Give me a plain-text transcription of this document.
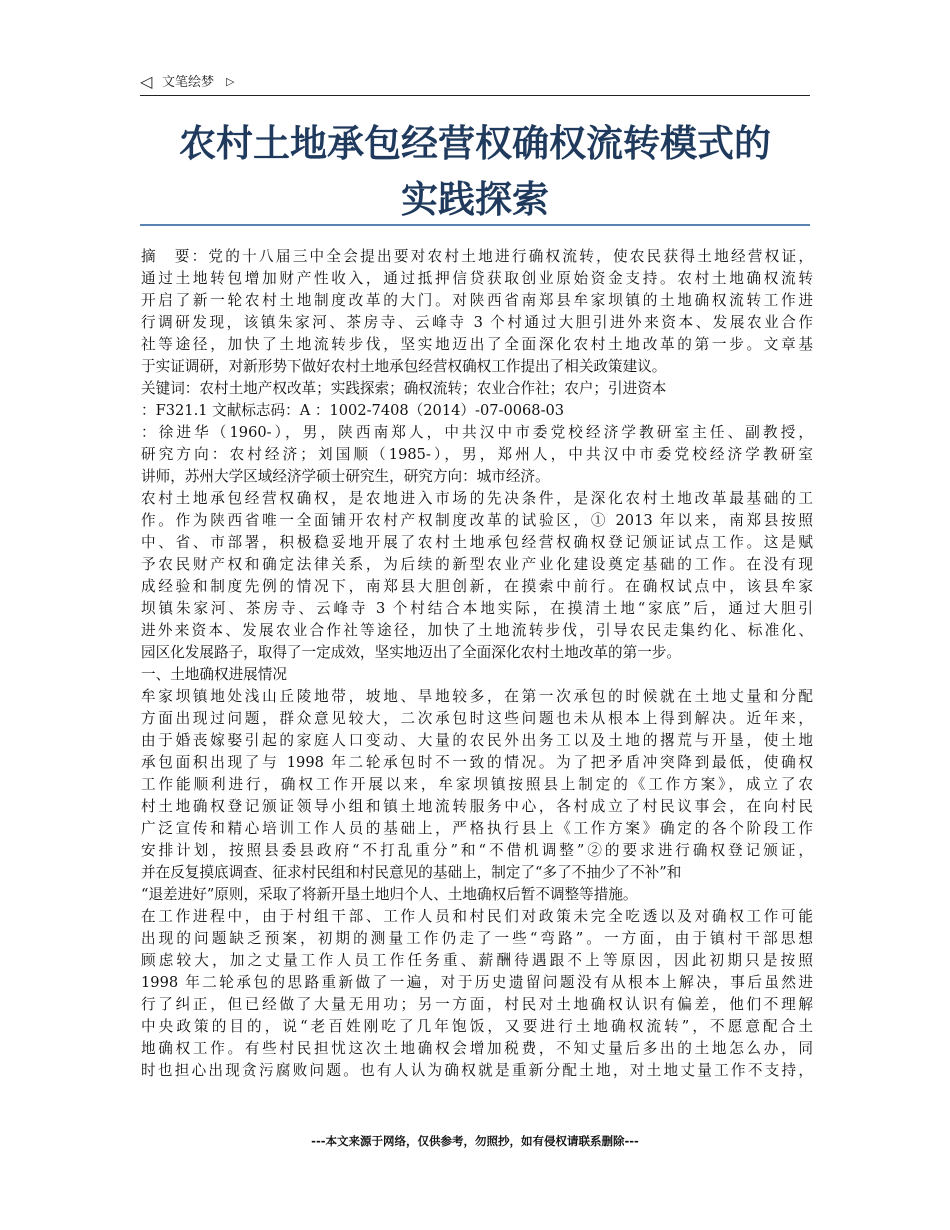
◁ 文笔绘梦 ▷
农村土地承包经营权确权流转模式的
实践探索
摘　要：党的十八届三中全会提出要对农村土地进行确权流转，使农民获得土地经营权证，
通过土地转包增加财产性收入，通过抵押信贷获取创业原始资金支持。农村土地确权流转
开启了新一轮农村土地制度改革的大门。对陕西省南郑县牟家坝镇的土地确权流转工作进
行调研发现，该镇朱家河、茶房寺、云峰寺 3 个村通过大胆引进外来资本、发展农业合作
社等途径，加快了土地流转步伐，坚实地迈出了全面深化农村土地改革的第一步。文章基
于实证调研，对新形势下做好农村土地承包经营权确权工作提出了相关政策建议。
关键词：农村土地产权改革；实践探索；确权流转；农业合作社；农户；引进资本
：F321.1 文献标志码：A ：1002-7408（2014）-07-0068-03
：徐进华（1960-），男，陕西南郑人，中共汉中市委党校经济学教研室主任、副教授，
研究方向：农村经济；刘国顺（1985-），男，郑州人，中共汉中市委党校经济学教研室
讲师，苏州大学区域经济学硕士研究生，研究方向：城市经济。
农村土地承包经营权确权，是农地进入市场的先决条件，是深化农村土地改革最基础的工
作。作为陕西省唯一全面铺开农村产权制度改革的试验区，① 2013 年以来，南郑县按照
中、省、市部署，积极稳妥地开展了农村土地承包经营权确权登记颁证试点工作。这是赋
予农民财产权和确定法律关系，为后续的新型农业产业化建设奠定基础的工作。在没有现
成经验和制度先例的情况下，南郑县大胆创新，在摸索中前行。在确权试点中，该县牟家
坝镇朱家河、茶房寺、云峰寺 3 个村结合本地实际，在摸清土地“家底”后，通过大胆引
进外来资本、发展农业合作社等途径，加快了土地流转步伐，引导农民走集约化、标准化、
园区化发展路子，取得了一定成效，坚实地迈出了全面深化农村土地改革的第一步。
一、土地确权进展情况
牟家坝镇地处浅山丘陵地带，坡地、旱地较多，在第一次承包的时候就在土地丈量和分配
方面出现过问题，群众意见较大，二次承包时这些问题也未从根本上得到解决。近年来，
由于婚丧嫁娶引起的家庭人口变动、大量的农民外出务工以及土地的撂荒与开垦，使土地
承包面积出现了与 1998 年二轮承包时不一致的情况。为了把矛盾冲突降到最低，使确权
工作能顺利进行，确权工作开展以来，牟家坝镇按照县上制定的《工作方案》，成立了农
村土地确权登记颁证领导小组和镇土地流转服务中心，各村成立了村民议事会，在向村民
广泛宣传和精心培训工作人员的基础上，严格执行县上《工作方案》确定的各个阶段工作
安排计划，按照县委县政府“不打乱重分”和“不借机调整”②的要求进行确权登记颁证，
并在反复摸底调查、征求村民组和村民意见的基础上，制定了“多了不抽少了不补”和
“退差进好”原则，采取了将新开垦土地归个人、土地确权后暂不调整等措施。
在工作进程中，由于村组干部、工作人员和村民们对政策未完全吃透以及对确权工作可能
出现的问题缺乏预案，初期的测量工作仍走了一些“弯路”。一方面，由于镇村干部思想
顾虑较大，加之丈量工作人员工作任务重、薪酬待遇跟不上等原因，因此初期只是按照
1998 年二轮承包的思路重新做了一遍，对于历史遗留问题没有从根本上解决，事后虽然进
行了纠正，但已经做了大量无用功；另一方面，村民对土地确权认识有偏差，他们不理解
中央政策的目的，说“老百姓刚吃了几年饱饭，又要进行土地确权流转”，不愿意配合土
地确权工作。有些村民担忧这次土地确权会增加税费，不知丈量后多出的土地怎么办，同
时也担心出现贪污腐败问题。也有人认为确权就是重新分配土地，对土地丈量工作不支持，
---本文来源于网络，仅供参考，勿照抄，如有侵权请联系删除---
